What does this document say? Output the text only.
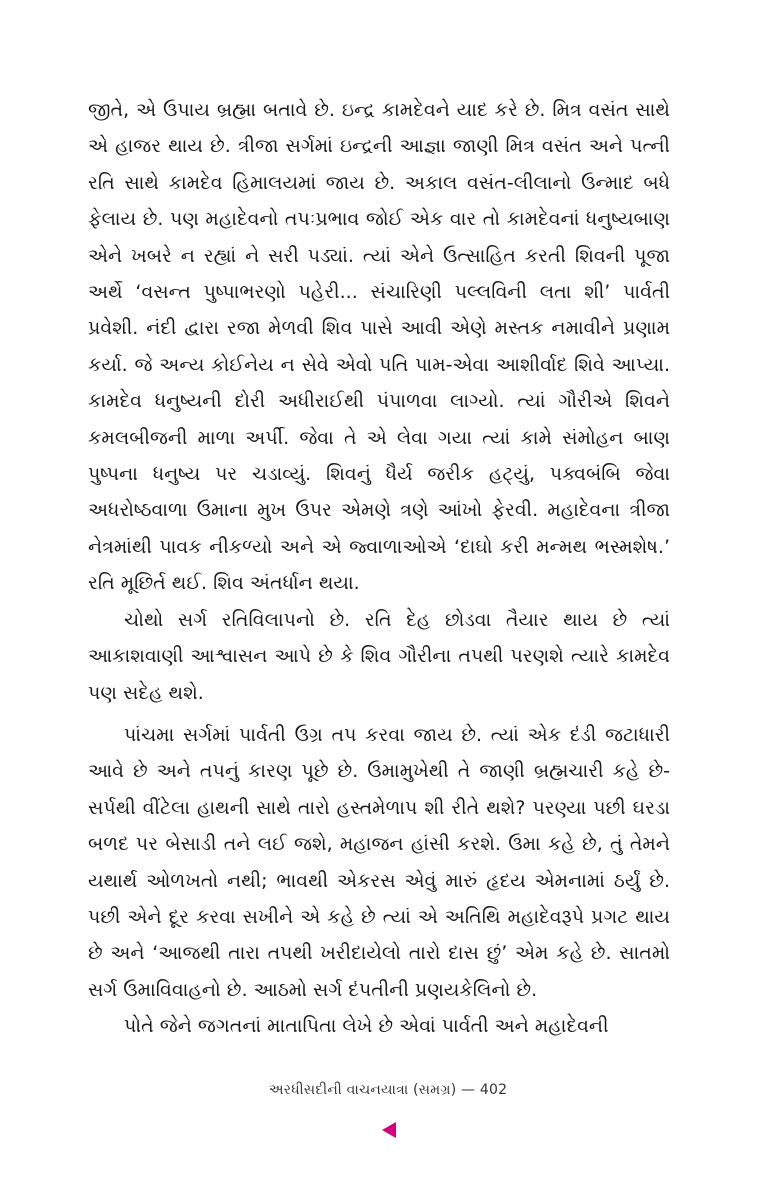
જીતે, એ ઉપાય બ્રહ્મા બતાવે છે. ઇન્દ્ર કામદેવને યાદ કરે છે. મિત્ર વસંત સાથે એ હાજર થાય છે. ત્રીજા સર્ગમાં ઇન્દ્રની આજ્ઞા જાણી મિત્ર વસંત અને પત્ની રતિ સાથે કામદેવ હિમાલયમાં જાય છે. અકાલ વસંત-લીલાનો ઉન્માદ બધે ફેલાય છે. પણ મહાદેવનો તપઃપ્રભાવ જોઈ એક વાર તો કામદેવનાં ધનુષ્યબાણ એને ખબરે ન રહ્યાં ને સરી પડ્યાં. ત્યાં એને ઉત્સાહિત કરતી શિવની પૂજા અર્થે ‘વસન્ત પુષ્પાભરણો પહેરી... સંચારિણી પલ્લવિની લતા શી’ પાર્વતી પ્રવેશી. નંદી દ્વારા રજા મેળવી શિવ પાસે આવી એણે મસ્તક નમાવીને પ્રણામ કર્યા. જે અન્ય કોઈનેય ન સેવે એવો પતિ પામ-એવા આશીર્વાદ શિવે આપ્યા. કામદેવ ધનુષ્યની દોરી અધીરાઈથી પંપાળવા લાગ્યો. ત્યાં ગૌરીએ શિવને કમલબીજની માળા અર્પી. જેવા તે એ લેવા ગયા ત્યાં કામે સંમોહન બાણ પુષ્પના ધનુષ્ય પર ચડાવ્યું. શિવનું ધૈર્ય જરીક હટ્યું, પક્વબંબિ જેવા અધરોષ્ઠવાળા ઉમાના મુખ ઉપર એમણે ત્રણે આંખો ફેરવી. મહાદેવના ત્રીજા નેત્રમાંથી પાવક નીકળ્યો અને એ જ્વાળાઓએ ‘દાઘો કરી મન્મથ ભસ્મશેષ.’ રતિ મૂછિર્ત થઈ. શિવ અંતર્ધાન થયા.

ચોથો સર્ગ રતિવિલાપનો છે. રતિ દેહ છોડવા તૈયાર થાય છે ત્યાં આકાશવાણી આશ્વાસન આપે છે કે શિવ ગૌરીના તપથી પરણશે ત્યારે કામદેવ પણ સદેહ થશે.

પાંચમા સર્ગમાં પાર્વતી ઉગ્ર તપ કરવા જાય છે. ત્યાં એક દંડી જટાધારી આવે છે અને તપનું કારણ પૂછે છે. ઉમામુખેથી તે જાણી બ્રહ્મચારી કહે છે-સર્પથી વીંટેલા હાથની સાથે તારો હસ્તમેળાપ શી રીતે થશે? પરણ્યા પછી ઘરડા બળદ પર બેસાડી તને લઈ જશે, મહાજન હાંસી કરશે. ઉમા કહે છે, તું તેમને યથાર્થ ઓળખતો નથી; ભાવથી એકરસ એવું મારું હૃદય એમનામાં ઠર્યું છે. પછી એને દૂર કરવા સખીને એ કહે છે ત્યાં એ અતિથિ મહાદેવરૂપે પ્રગટ થાય છે અને ‘આજથી તારા તપથી ખરીદાયેલો તારો દાસ છું’ એમ કહે છે. સાતમો સર્ગ ઉમાવિવાહનો છે. આઠમો સર્ગ દંપતીની પ્રણયકેલિનો છે.

પોતે જેને જગતનાં માતાપિતા લેખે છે એવાં પાર્વતી અને મહાદેવની

અરધીસદીની વાચનયાત્રા (સમગ્ર) — 402
